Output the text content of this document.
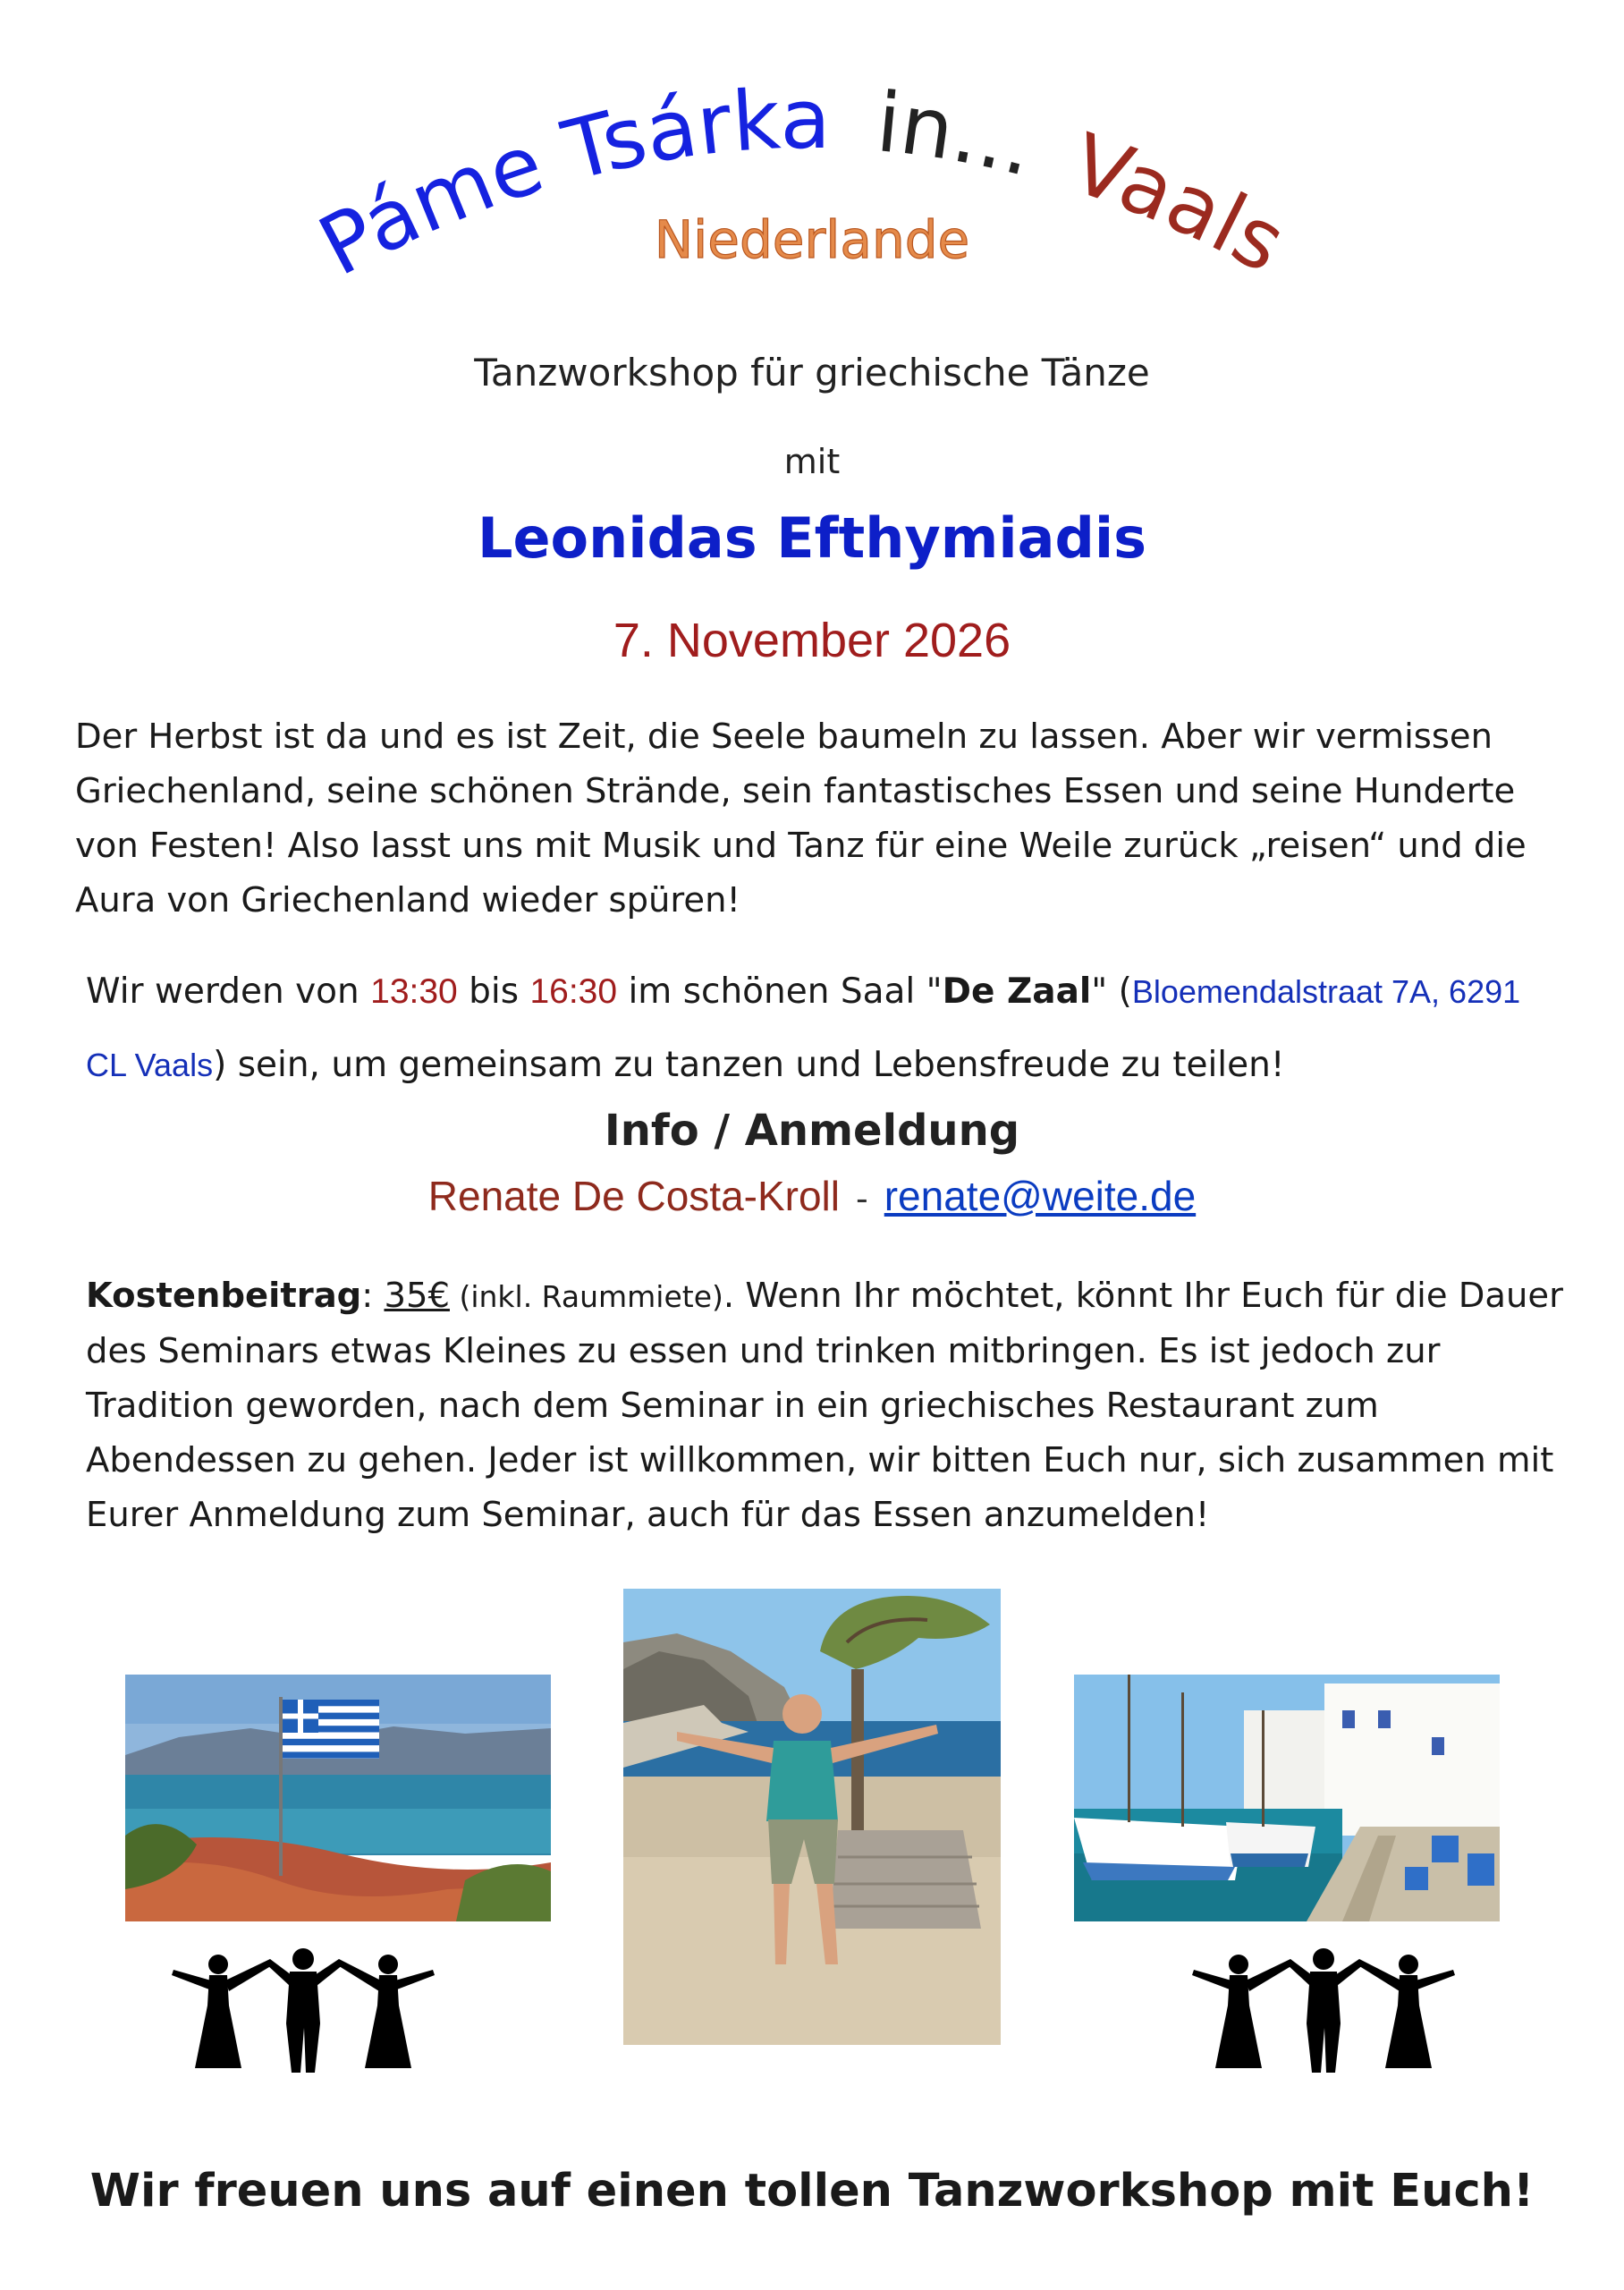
Páme Tsárka in... Vaals
Niederlande
Tanzworkshop für griechische Tänze
mit
Leonidas Efthymiadis
7. November 2026
Der Herbst ist da und es ist Zeit, die Seele baumeln zu lassen. Aber wir vermissen Griechenland, seine schönen Strände, sein fantastisches Essen und seine Hunderte von Festen! Also lasst uns mit Musik und Tanz für eine Weile zurück „reisen“ und die Aura von Griechenland wieder spüren!
Wir werden von 13:30 bis 16:30 im schönen Saal "De Zaal" (Bloemendalstraat 7A, 6291 CL Vaals) sein, um gemeinsam zu tanzen und Lebensfreude zu teilen!
Info / Anmeldung
Renate De Costa-Kroll - renate@weite.de
Kostenbeitrag: 35€ (inkl. Raummiete). Wenn Ihr möchtet, könnt Ihr Euch für die Dauer des Seminars etwas Kleines zu essen und trinken mitbringen. Es ist jedoch zur Tradition geworden, nach dem Seminar in ein griechisches Restaurant zum Abendessen zu gehen. Jeder ist willkommen, wir bitten Euch nur, sich zusammen mit Eurer Anmeldung zum Seminar, auch für das Essen anzumelden!
Wir freuen uns auf einen tollen Tanzworkshop mit Euch!
